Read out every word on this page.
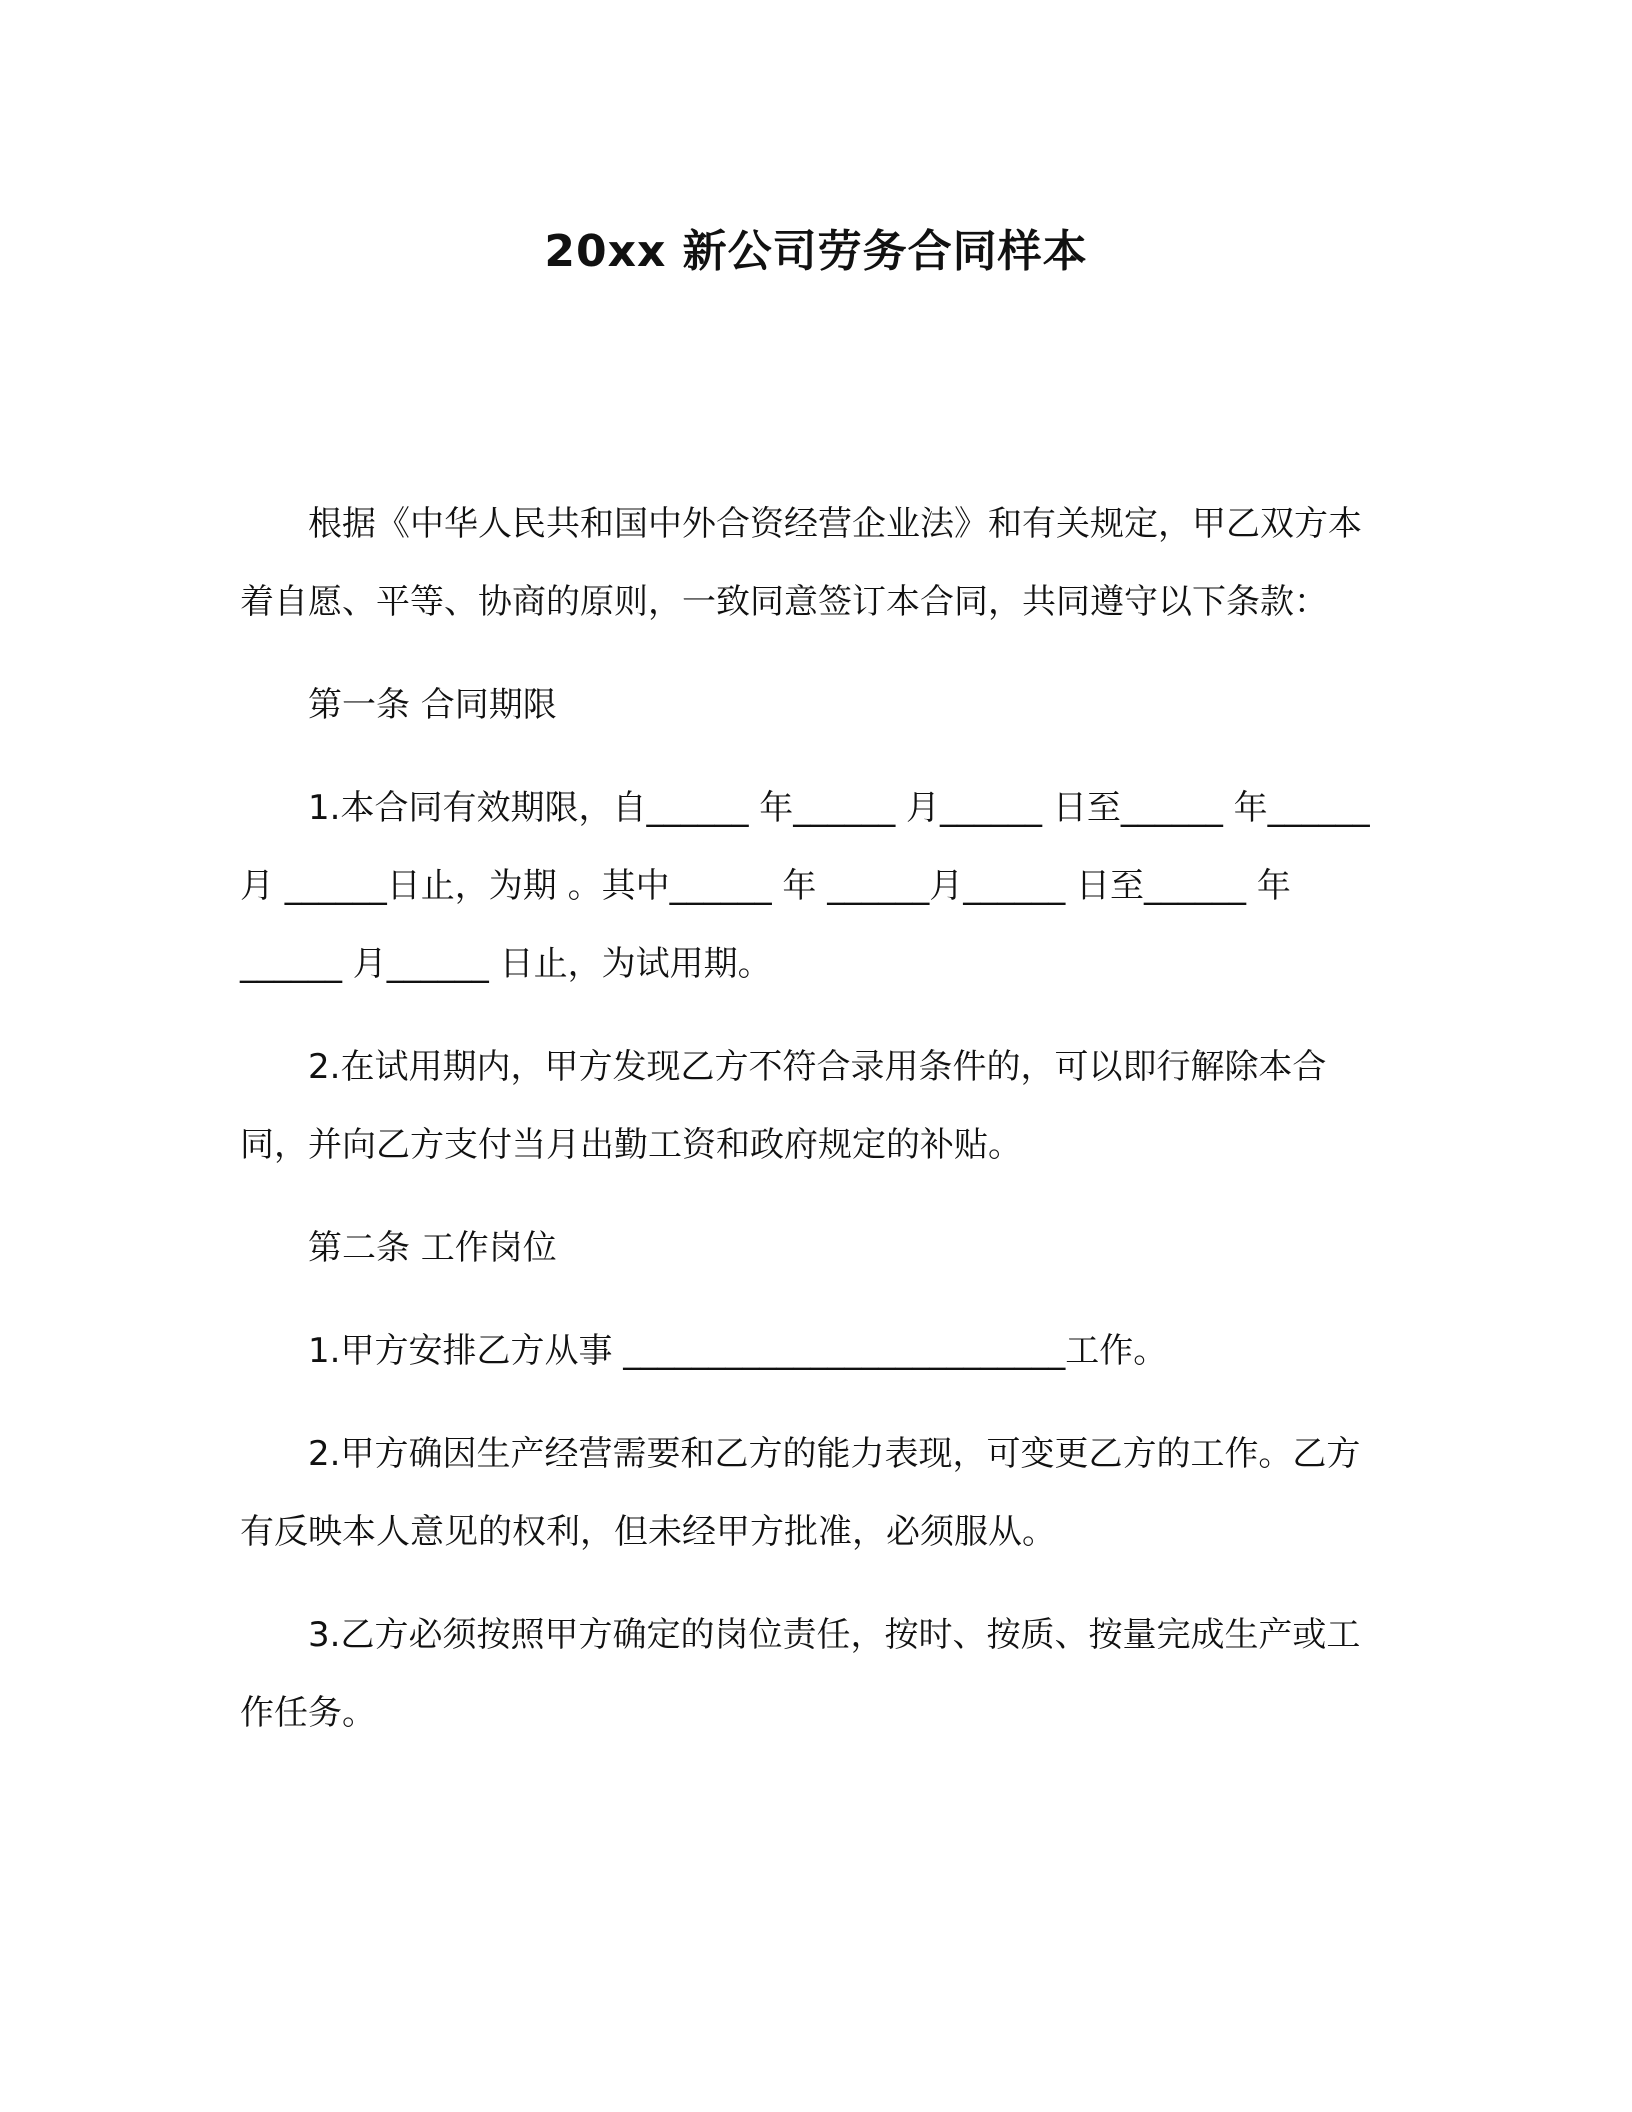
20xx 新公司劳务合同样本

根据《中华人民共和国中外合资经营企业法》和有关规定，甲乙双方本着自愿、平等、协商的原则，一致同意签订本合同，共同遵守以下条款：

第一条 合同期限

1.本合同有效期限，自______ 年______ 月______ 日至______ 年______ 月 ______日止，为期 。其中______ 年 ______月______ 日至______ 年______ 月______ 日止，为试用期。

2.在试用期内，甲方发现乙方不符合录用条件的，可以即行解除本合同，并向乙方支付当月出勤工资和政府规定的补贴。

第二条 工作岗位

1.甲方安排乙方从事 __________________________工作。

2.甲方确因生产经营需要和乙方的能力表现，可变更乙方的工作。乙方有反映本人意见的权利，但未经甲方批准，必须服从。

3.乙方必须按照甲方确定的岗位责任，按时、按质、按量完成生产或工作任务。
